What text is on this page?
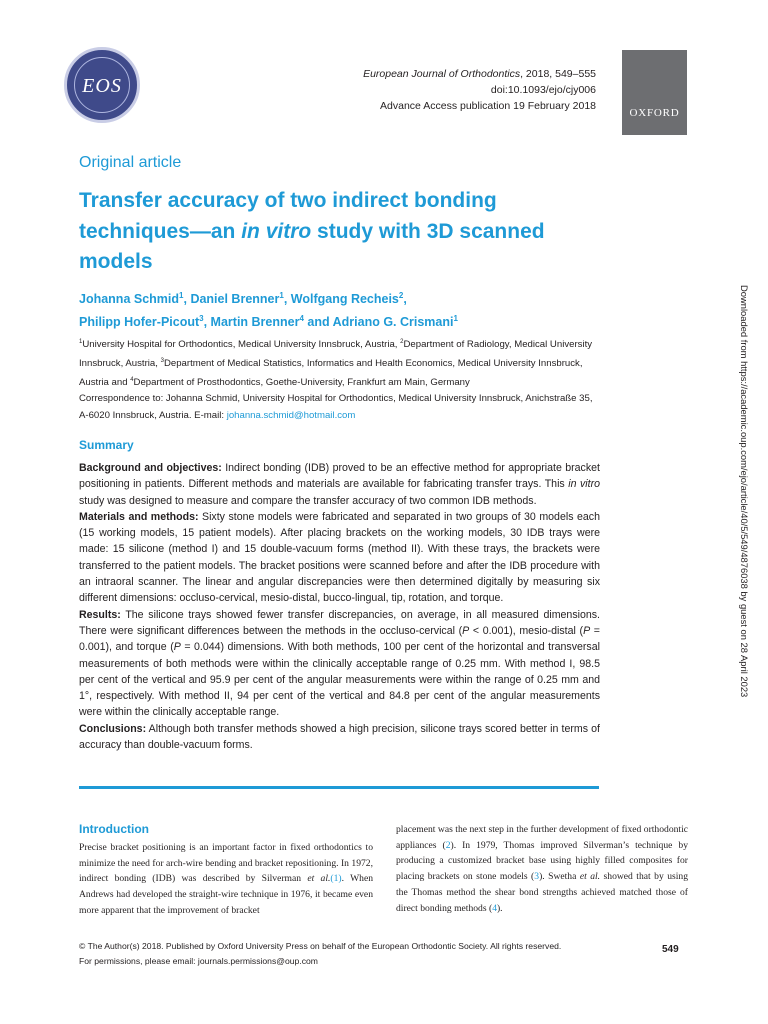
EOS
European Journal of Orthodontics, 2018, 549–555
doi:10.1093/ejo/cjy006
Advance Access publication 19 February 2018
OXFORD
Original article
Transfer accuracy of two indirect bonding techniques—an in vitro study with 3D scanned models
Johanna Schmid$^1$, Daniel Brenner$^1$, Wolfgang Recheis$^2$,
Philipp Hofer-Picout$^3$, Martin Brenner$^4$ and Adriano G. Crismani$^1$
$^1$University Hospital for Orthodontics, Medical University Innsbruck, Austria, $^2$Department of Radiology, Medical University Innsbruck, Austria, $^3$Department of Medical Statistics, Informatics and Health Economics, Medical University Innsbruck, Austria and $^4$Department of Prosthodontics, Goethe-University, Frankfurt am Main, Germany
Correspondence to: Johanna Schmid, University Hospital for Orthodontics, Medical University Innsbruck, Anichstraße 35, A-6020 Innsbruck, Austria. E-mail: johanna.schmid@hotmail.com
Summary

Background and objectives: Indirect bonding (IDB) proved to be an effective method for appropriate bracket positioning in patients. Different methods and materials are available for fabricating transfer trays. This in vitro study was designed to measure and compare the transfer accuracy of two common IDB methods.

Materials and methods: Sixty stone models were fabricated and separated in two groups of 30 models each (15 working models, 15 patient models). After placing brackets on the working models, 30 IDB trays were made: 15 silicone (method I) and 15 double-vacuum forms (method II). With these trays, the brackets were transferred to the patient models. The bracket positions were scanned before and after the IDB procedure with an intraoral scanner. The linear and angular discrepancies were then determined digitally by measuring six different dimensions: occluso-cervical, mesio-distal, bucco-lingual, tip, rotation, and torque.

Results: The silicone trays showed fewer transfer discrepancies, on average, in all measured dimensions. There were significant differences between the methods in the occluso-cervical (P < 0.001), mesio-distal (P = 0.001), and torque (P = 0.044) dimensions. With both methods, 100 per cent of the horizontal and transversal measurements of both methods were within the clinically acceptable range of 0.25 mm. With method I, 98.5 per cent of the vertical and 95.9 per cent of the angular measurements were within the range of 0.25 mm and 1°, respectively. With method II, 94 per cent of the vertical and 84.8 per cent of the angular measurements were within the clinically acceptable range.

Conclusions: Although both transfer methods showed a high precision, silicone trays scored better in terms of accuracy than double-vacuum forms.

Introduction
Precise bracket positioning is an important factor in fixed orthodontics to minimize the need for arch-wire bending and bracket repositioning. In 1972, indirect bonding (IDB) was described by Silverman et al.(1). When Andrews had developed the straight-wire technique in 1976, it became even more apparent that the improvement of bracket
placement was the next step in the further development of fixed orthodontic appliances (2). In 1979, Thomas improved Silverman’s technique by producing a customized bracket base using highly filled composites for placing brackets on stone models (3). Swetha et al. showed that by using the Thomas method the shear bond strengths achieved matched those of direct bonding methods (4).
© The Author(s) 2018. Published by Oxford University Press on behalf of the European Orthodontic Society. All rights reserved.
For permissions, please email: journals.permissions@oup.com
549
Downloaded from https://academic.oup.com/ejo/article/40/5/549/4876038 by guest on 28 April 2023
